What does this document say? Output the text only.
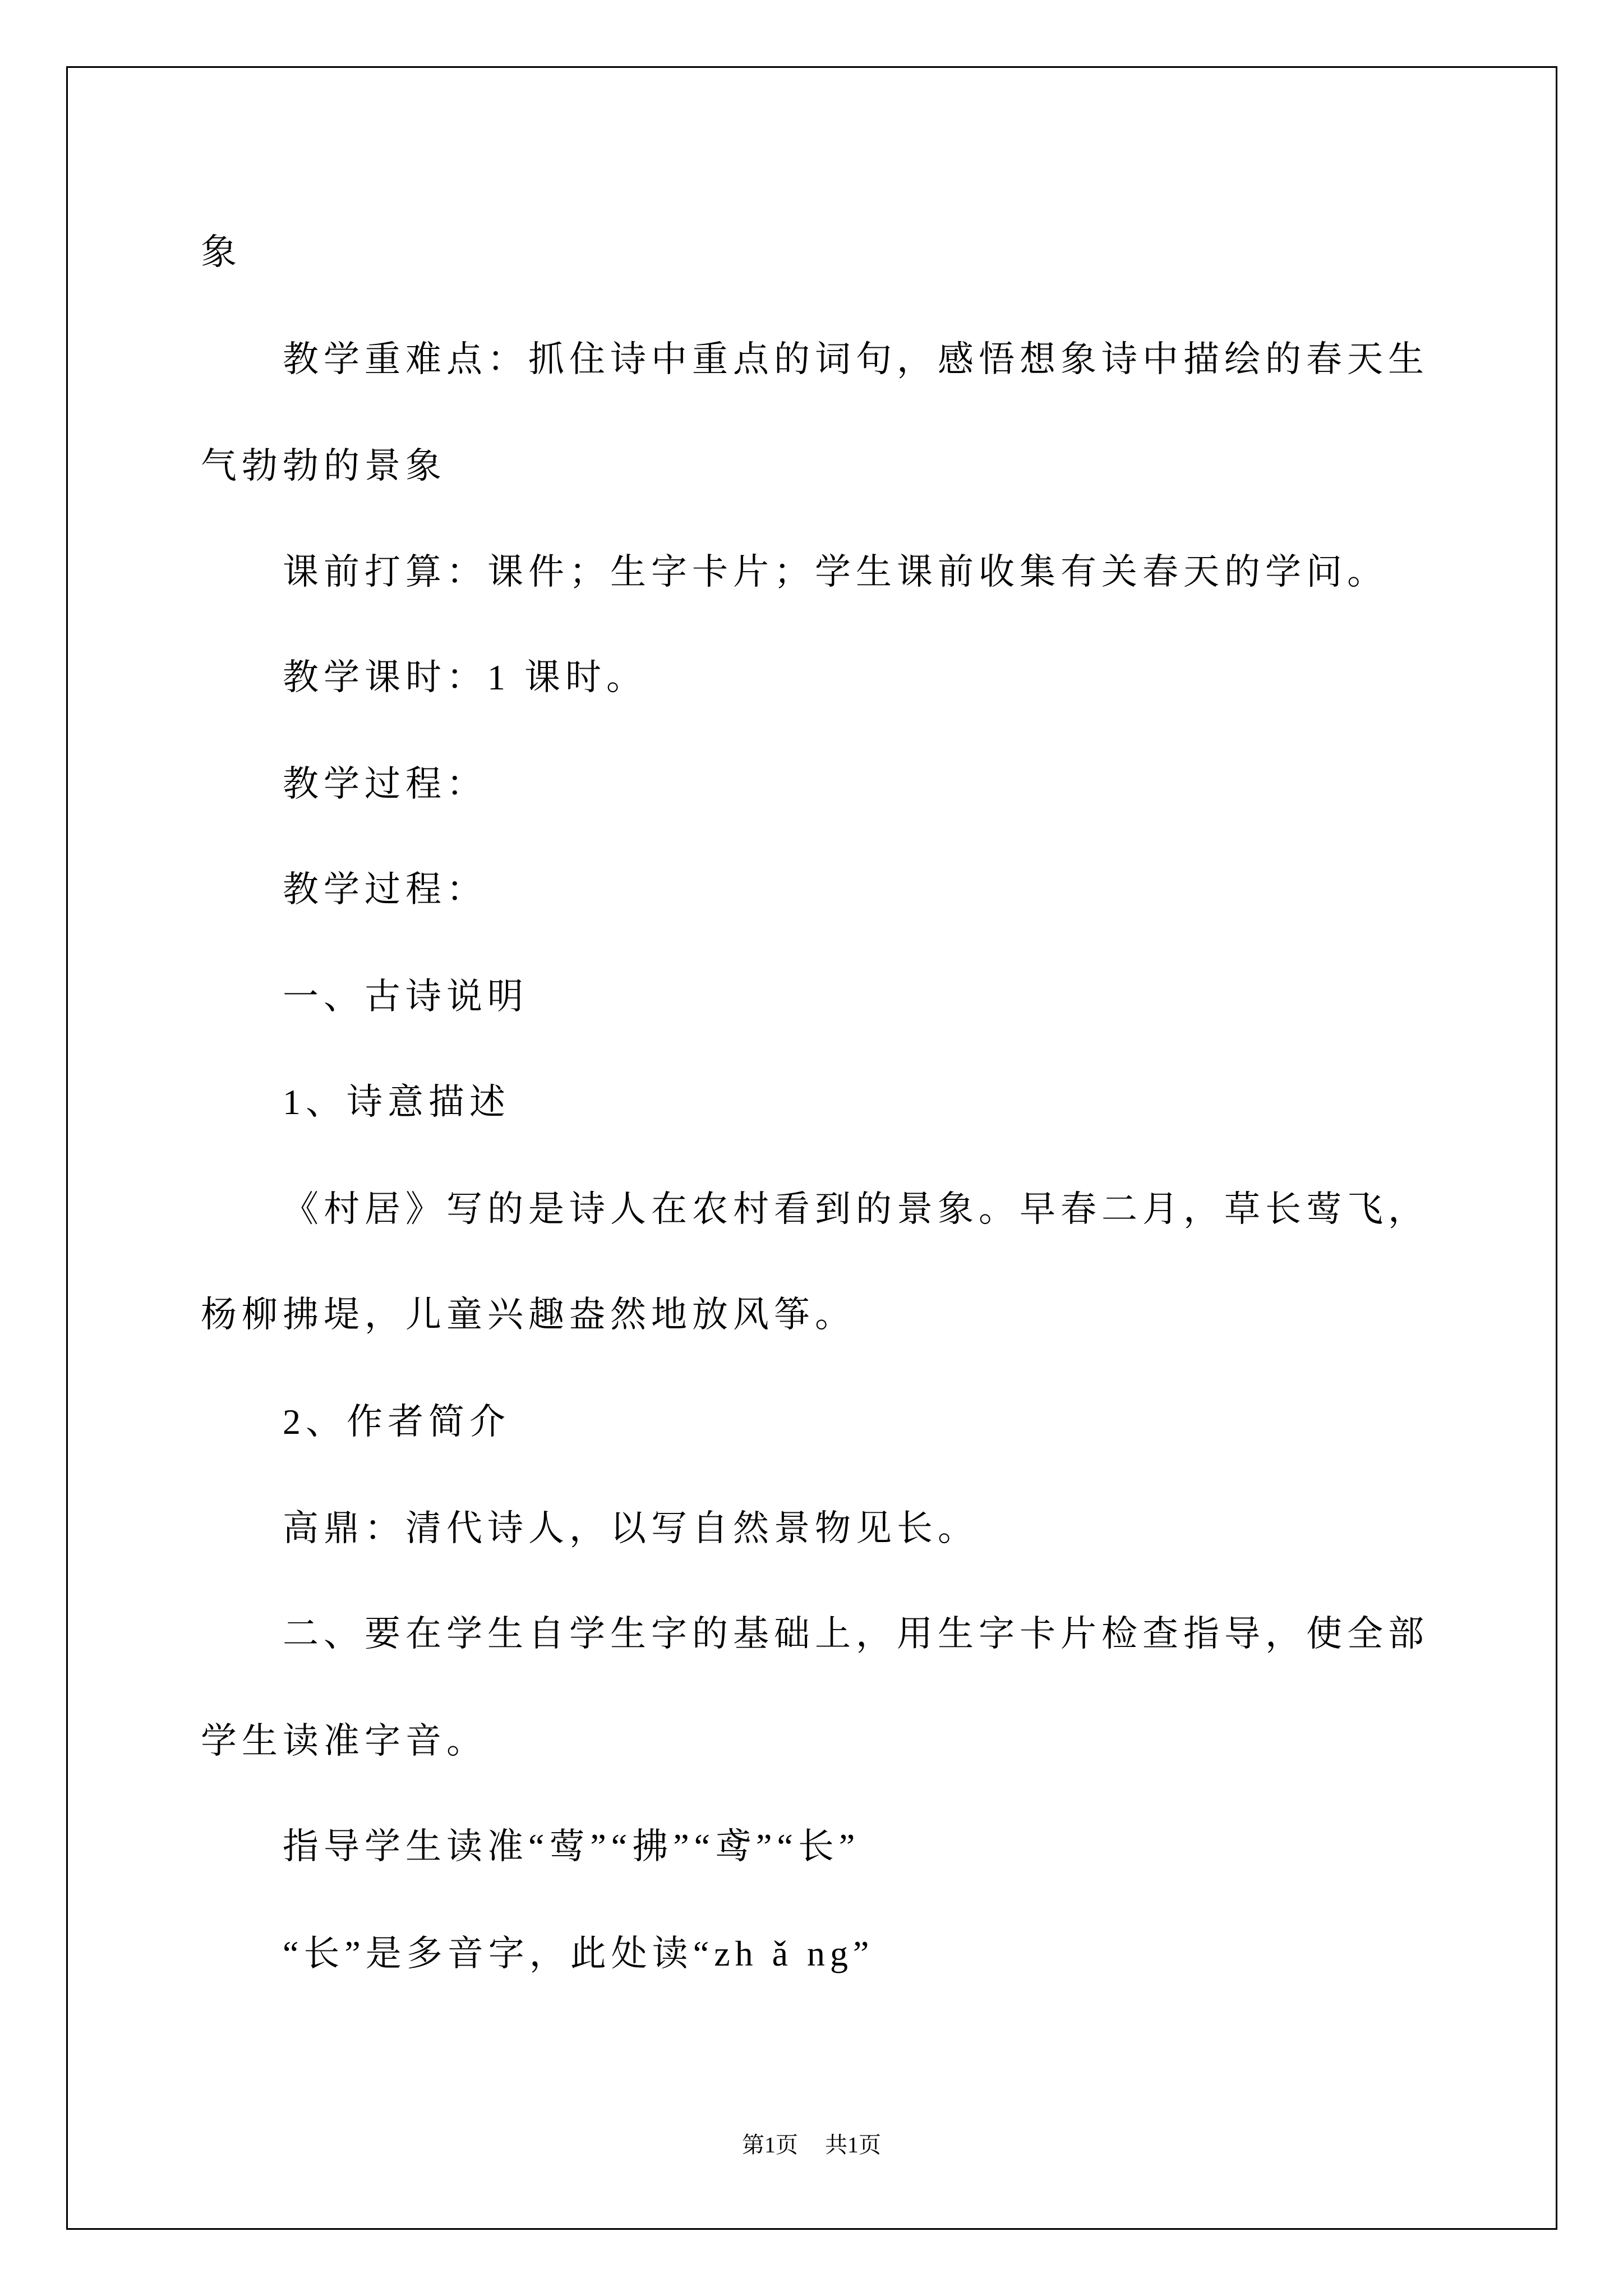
象
教学重难点：抓住诗中重点的词句，感悟想象诗中描绘的春天生
气勃勃的景象
课前打算：课件；生字卡片；学生课前收集有关春天的学问。
教学课时：1 课时。
教学过程：
教学过程：
一、古诗说明
1、诗意描述
《村居》写的是诗人在农村看到的景象。早春二月，草长莺飞，
杨柳拂堤，儿童兴趣盎然地放风筝。
2、作者简介
高鼎：清代诗人，以写自然景物见长。
二、要在学生自学生字的基础上，用生字卡片检查指导，使全部
学生读准字音。
指导学生读准“莺”“拂”“鸢”“长”
“长”是多音字，此处读“zh ǎ ng”
第1页 共1页
